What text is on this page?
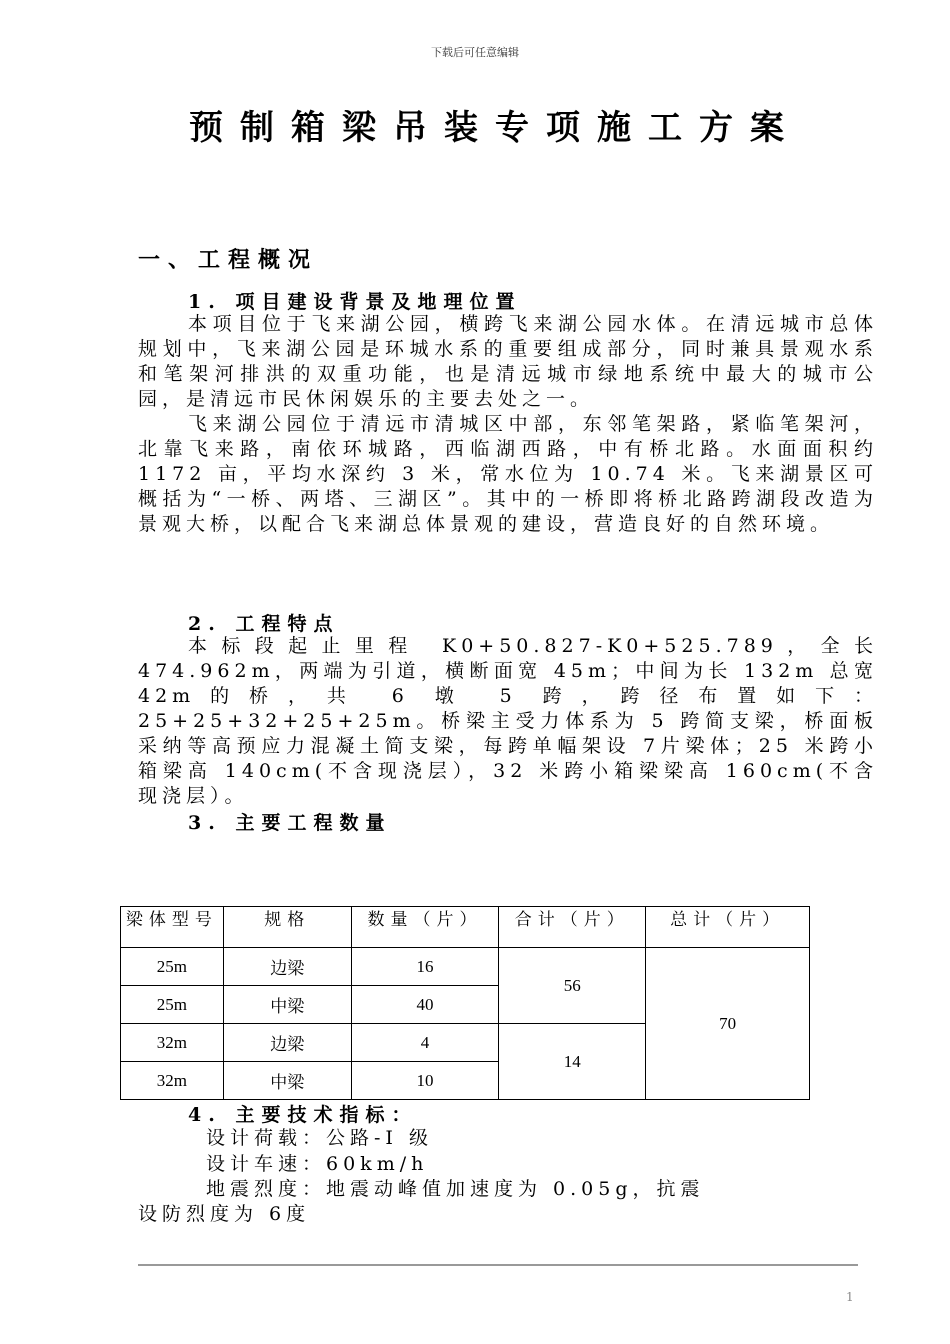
下载后可任意编辑
预制箱梁吊装专项施工方案
一、工程概况
1. 项目建设背景及地理位置

本项目位于飞来湖公园，横跨飞来湖公园水体。在清远城市总体规划中，飞来湖公园是环城水系的重要组成部分，同时兼具景观水系和笔架河排洪的双重功能，也是清远城市绿地系统中最大的城市公园，是清远市民休闲娱乐的主要去处之一。

飞来湖公园位于清远市清城区中部，东邻笔架路，紧临笔架河，北靠飞来路，南依环城路，西临湖西路，中有桥北路。水面面积约 1172 亩，平均水深约 3 米，常水位为 10.74 米。飞来湖景区可概括为“一桥、两塔、三湖区”。其中的一桥即将桥北路跨湖段改造为景观大桥，以配合飞来湖总体景观的建设，营造良好的自然环境。

2. 工程特点

本标段起止里程 K0+50.827-K0+525.789，全长 474.962m，两端为引道，横断面宽 45m；中间为长 132m 总宽 42m的桥，共 6 墩 5 跨，跨径布置如下：25+25+32+25+25m。桥梁主受力体系为 5 跨简支梁，桥面板采纳等高预应力混凝土简支梁，每跨单幅架设 7片梁体；25 米跨小箱梁高 140cm(不含现浇层），32 米跨小箱梁梁高 160cm(不含现浇层）。

3. 主要工程数量
梁体型号	规格	数量（片）	合计（片）	总计（片）

25m	边梁	16	56	70
25m	中梁	40		
32m	边梁	4	14	
32m	中梁	10		
4. 主要技术指标：
设计荷载：公路-I 级
设计车速：60km/h
地震烈度：地震动峰值加速度为 0.05g，抗震
设防烈度为 6度
1
